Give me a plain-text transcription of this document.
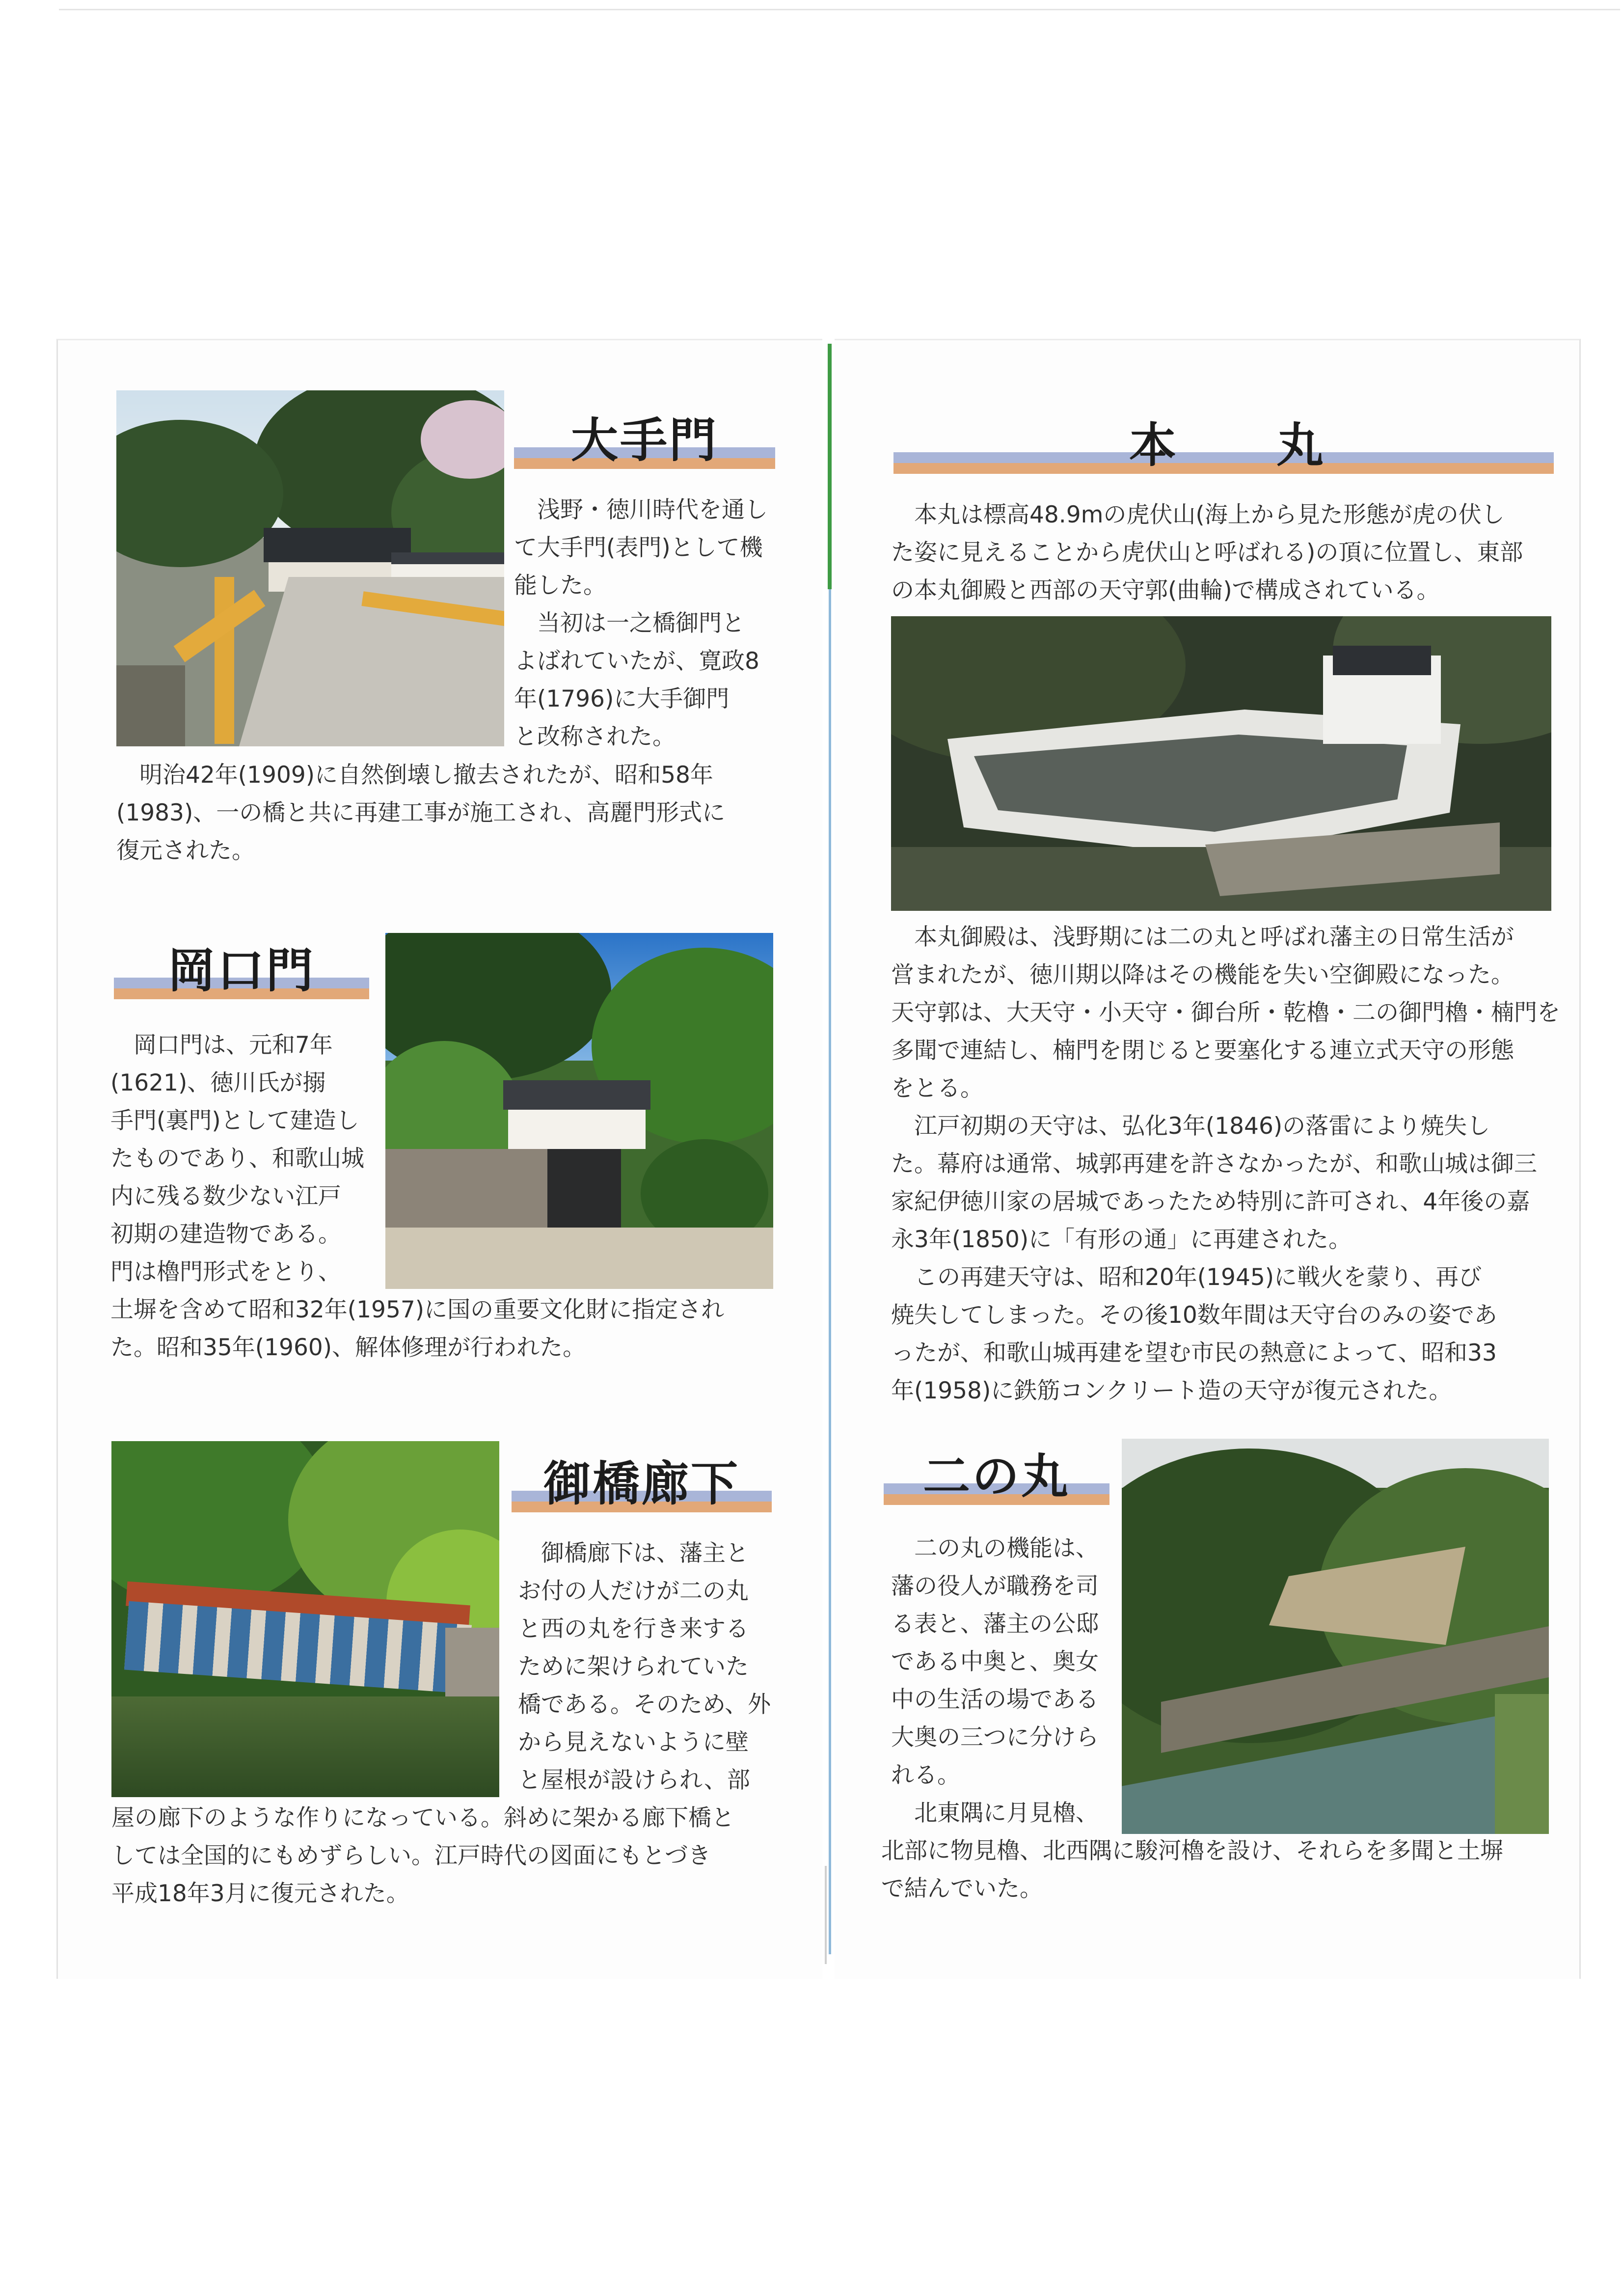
大手門

浅野・徳川時代を通し

て大手門(表門)として機

能した。

当初は一之橋御門と

よばれていたが、寛政8

年(1796)に大手御門

と改称された。

明治42年(1909)に自然倒壊し撤去されたが、昭和58年

(1983)、一の橋と共に再建工事が施工され、高麗門形式に

復元された。

岡口門

岡口門は、元和7年

(1621)、徳川氏が搦

手門(裏門)として建造し

たものであり、和歌山城

内に残る数少ない江戸

初期の建造物である。

門は櫓門形式をとり、

土塀を含めて昭和32年(1957)に国の重要文化財に指定され

た。昭和35年(1960)、解体修理が行われた。

御橋廊下

御橋廊下は、藩主と

お付の人だけが二の丸

と西の丸を行き来する

ために架けられていた

橋である。そのため、外

から見えないように壁

と屋根が設けられ、部

屋の廊下のような作りになっている。斜めに架かる廊下橋と

しては全国的にもめずらしい。江戸時代の図面にもとづき

平成18年3月に復元された。

本	丸

本丸は標高48.9mの虎伏山(海上から見た形態が虎の伏し

た姿に見えることから虎伏山と呼ばれる)の頂に位置し、東部

の本丸御殿と西部の天守郭(曲輪)で構成されている。

本丸御殿は、浅野期には二の丸と呼ばれ藩主の日常生活が

営まれたが、徳川期以降はその機能を失い空御殿になった。

天守郭は、大天守・小天守・御台所・乾櫓・二の御門櫓・楠門を

多聞で連結し、楠門を閉じると要塞化する連立式天守の形態

をとる。

江戸初期の天守は、弘化3年(1846)の落雷により焼失し

た。幕府は通常、城郭再建を許さなかったが、和歌山城は御三

家紀伊徳川家の居城であったため特別に許可され、4年後の嘉

永3年(1850)に「有形の通」に再建された。

この再建天守は、昭和20年(1945)に戦火を蒙り、再び

焼失してしまった。その後10数年間は天守台のみの姿であ

ったが、和歌山城再建を望む市民の熱意によって、昭和33

年(1958)に鉄筋コンクリート造の天守が復元された。

二の丸

二の丸の機能は、

藩の役人が職務を司

る表と、藩主の公邸

である中奥と、奥女

中の生活の場である

大奥の三つに分けら

れる。

北東隅に月見櫓、

北部に物見櫓、北西隅に駿河櫓を設け、それらを多聞と土塀

で結んでいた。
